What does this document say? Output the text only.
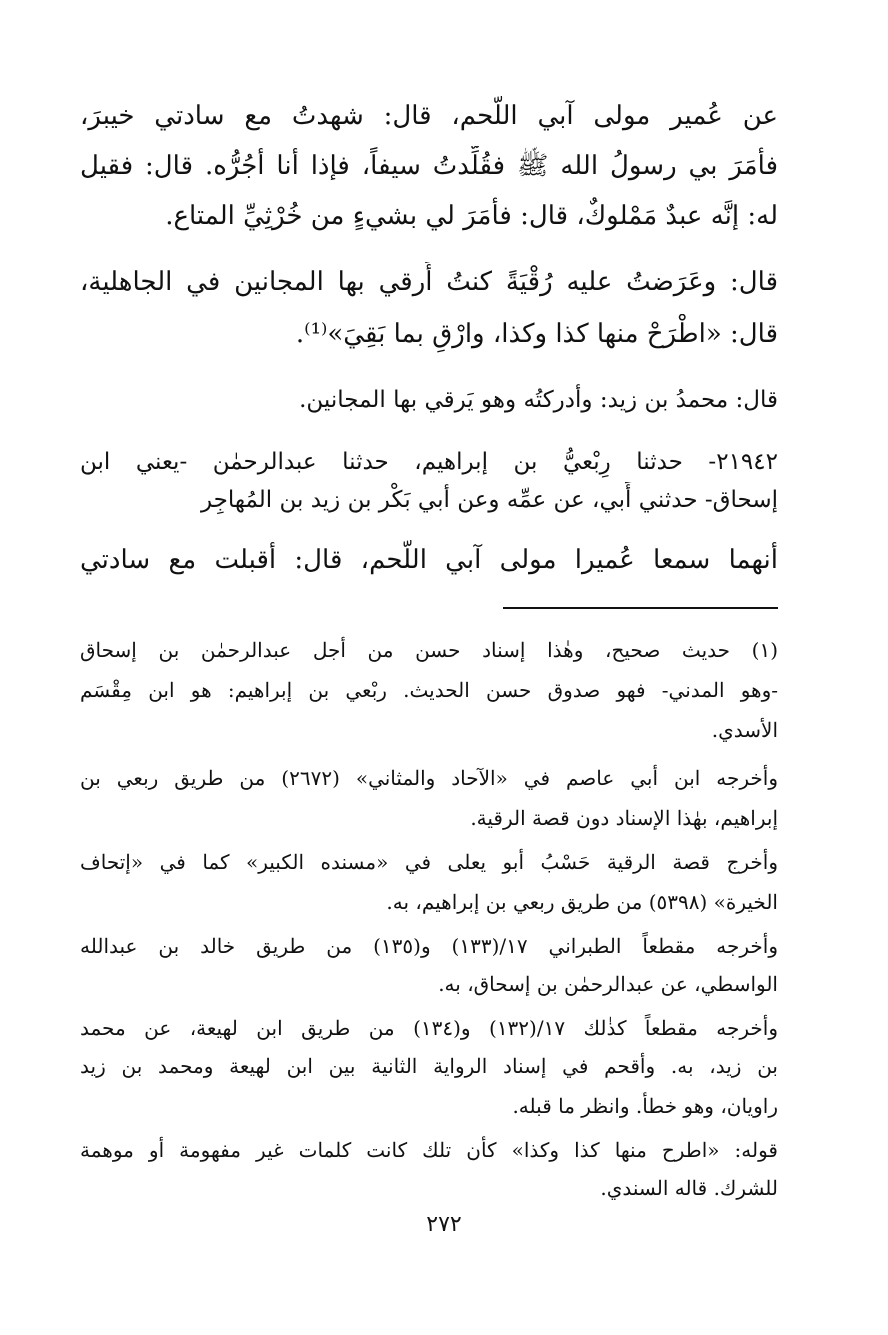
عن عُمير مولى آبي اللَّحم، قال: شهدتُ مع سادتي خيبرَ،
فأَمَرَ بي رسولُ الله ﷺ فقُلِّدتُ سيفاً، فإذا أنا أجُرُّه. قال: فقيل
له: إنَّه عبدٌ مَمْلوكٌ، قال: فأَمَرَ لي بشيءٍ من خُرْثِيِّ المتاع.
قال: وعَرَضتُ عليه رُقْيَةً كنتُ أَرقي بها المجانين في الجاهلية،
قال: «اطْرَحْ منها كذا وكذا، وارْقِ بما بَقِيَ»⁽¹⁾.
قال: محمدُ بن زيد: وأدركتُه وهو يَرقي بها المجانين.
٢١٩٤٢- حدثنا رِبْعيُّ بن إبراهيم، حدثنا عبدالرحمٰن -يعني ابن
إسحاق- حدثني أَبي، عن عمِّه وعن أبي بَكْر بن زيد بن المُهاجِر
أنهما سمعا عُميرا مولى آبي اللَّحم، قال: أقبلت مع سادتي
(١) حديث صحيح، وهٰذا إسناد حسن من أجل عبدالرحمٰن بن إسحاق
-وهو المدني- فهو صدوق حسن الحديث. ربْعي بن إبراهيم: هو ابن مِقْسَم
الأسدي.
وأخرجه ابن أبي عاصم في «الآحاد والمثاني» (٢٦٧٢) من طريق ربعي بن
إبراهيم، بهٰذا الإسناد دون قصة الرقية.
وأخرج قصة الرقية حَسْبُ أبو يعلى في «مسنده الكبير» كما في «إتحاف
الخيرة» (٥٣٩٨) من طريق ربعي بن إبراهيم، به.
وأخرجه مقطعاً الطبراني ١٧/(١٣٣) و(١٣٥) من طريق خالد بن عبدالله
الواسطي، عن عبدالرحمٰن بن إسحاق، به.
وأخرجه مقطعاً كذٰلك ١٧/(١٣٢) و(١٣٤) من طريق ابن لهيعة، عن محمد
بن زيد، به. وأقحم في إسناد الرواية الثانية بين ابن لهيعة ومحمد بن زيد
راويان، وهو خطأ. وانظر ما قبله.
قوله: «اطرح منها كذا وكذا» كأن تلك كانت كلمات غير مفهومة أو موهمة
للشرك. قاله السندي.
٢٧٢
